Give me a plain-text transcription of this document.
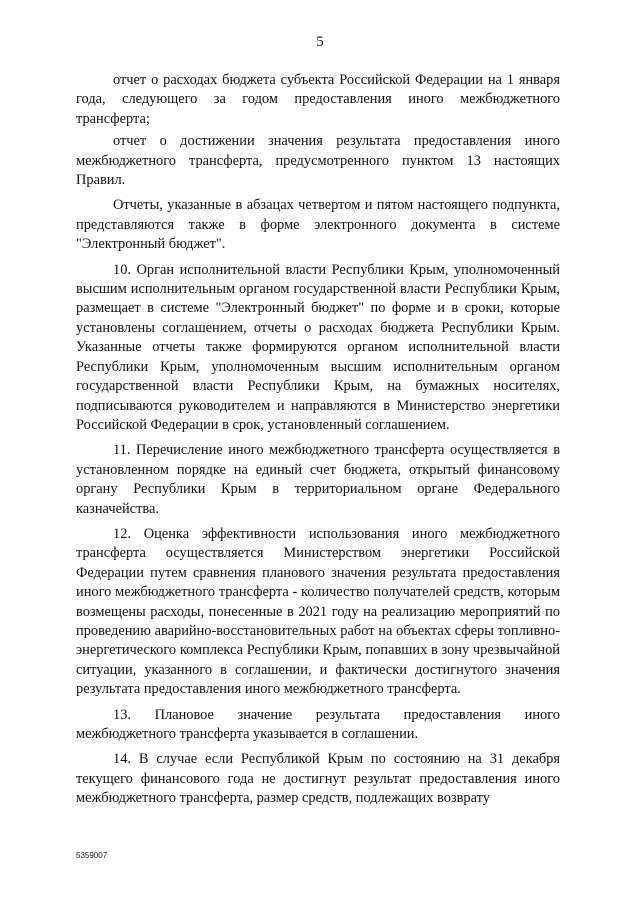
5

отчет о расходах бюджета субъекта Российской Федерации на 1 января года, следующего за годом предоставления иного межбюджетного трансферта;

отчет о достижении значения результата предоставления иного межбюджетного трансферта, предусмотренного пунктом 13 настоящих Правил.

Отчеты, указанные в абзацах четвертом и пятом настоящего подпункта, представляются также в форме электронного документа в системе "Электронный бюджет".

10. Орган исполнительной власти Республики Крым, уполномоченный высшим исполнительным органом государственной власти Республики Крым, размещает в системе "Электронный бюджет" по форме и в сроки, которые установлены соглашением, отчеты о расходах бюджета Республики Крым. Указанные отчеты также формируются органом исполнительной власти Республики Крым, уполномоченным высшим исполнительным органом государственной власти Республики Крым, на бумажных носителях, подписываются руководителем и направляются в Министерство энергетики Российской Федерации в срок, установленный соглашением.

11. Перечисление иного межбюджетного трансферта осуществляется в установленном порядке на единый счет бюджета, открытый финансовому органу Республики Крым в территориальном органе Федерального казначейства.

12. Оценка эффективности использования иного межбюджетного трансферта осуществляется Министерством энергетики Российской Федерации путем сравнения планового значения результата предоставления иного межбюджетного трансферта - количество получателей средств, которым возмещены расходы, понесенные в 2021 году на реализацию мероприятий по проведению аварийно-восстановительных работ на объектах сферы топливно-энергетического комплекса Республики Крым, попавших в зону чрезвычайной ситуации, указанного в соглашении, и фактически достигнутого значения результата предоставления иного межбюджетного трансферта.

13. Плановое значение результата предоставления иного межбюджетного трансферта указывается в соглашении.

14. В случае если Республикой Крым по состоянию на 31 декабря текущего финансового года не достигнут результат предоставления иного межбюджетного трансферта, размер средств, подлежащих возврату

5359007
